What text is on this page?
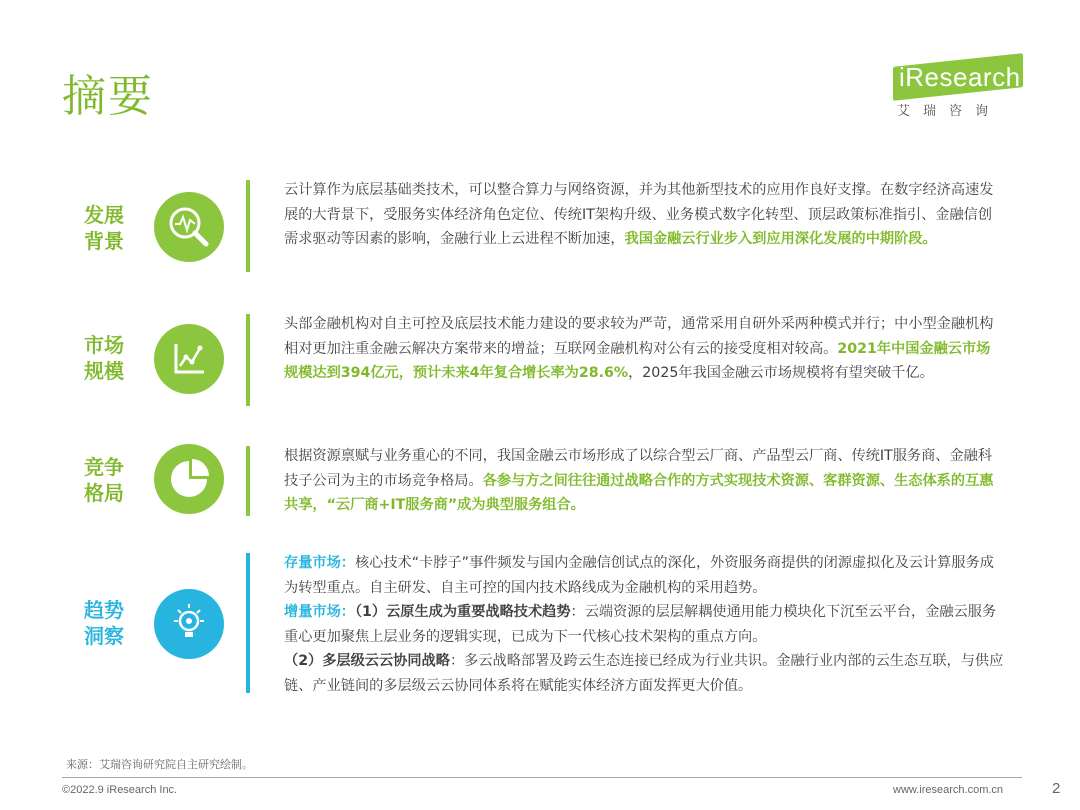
摘要	iResearch
艾瑞咨询
发展
背景

云计算作为底层基础类技术，可以整合算力与网络资源，并为其他新型技术的应用作良好支撑。在数字经济高速发展的大背景下，受服务实体经济角色定位、传统IT架构升级、业务模式数字化转型、顶层政策标准指引、金融信创需求驱动等因素的影响，金融行业上云进程不断加速，我国金融云行业步入到应用深化发展的中期阶段。

市场
规模

头部金融机构对自主可控及底层技术能力建设的要求较为严苛，通常采用自研外采两种模式并行；中小型金融机构相对更加注重金融云解决方案带来的增益；互联网金融机构对公有云的接受度相对较高。2021年中国金融云市场规模达到394亿元，预计未来4年复合增长率为28.6%，2025年我国金融云市场规模将有望突破千亿。

竞争
格局

根据资源禀赋与业务重心的不同，我国金融云市场形成了以综合型云厂商、产品型云厂商、传统IT服务商、金融科技子公司为主的市场竞争格局。各参与方之间往往通过战略合作的方式实现技术资源、客群资源、生态体系的互惠共享，“云厂商+IT服务商”成为典型服务组合。

趋势
洞察

存量市场：核心技术“卡脖子”事件频发与国内金融信创试点的深化，外资服务商提供的闭源虚拟化及云计算服务成为转型重点。自主研发、自主可控的国内技术路线成为金融机构的采用趋势。
增量市场：（1）云原生成为重要战略技术趋势：云端资源的层层解耦使通用能力模块化下沉至云平台，金融云服务重心更加聚焦上层业务的逻辑实现，已成为下一代核心技术架构的重点方向。
（2）多层级云云协同战略：多云战略部署及跨云生态连接已经成为行业共识。金融行业内部的云生态互联，与供应链、产业链间的多层级云云协同体系将在赋能实体经济方面发挥更大价值。

来源：艾瑞咨询研究院自主研究绘制。
©2022.9 iResearch Inc.	www.iresearch.com.cn	2
